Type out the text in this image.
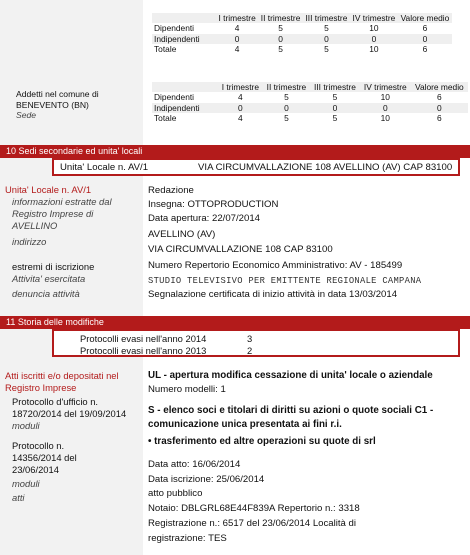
	I trimestre	II trimestre	III trimestre	IV trimestre	Valore medio
Dipendenti	4	5	5	10	6
Indipendenti	0	0	0	0	0
Totale	4	5	5	10	6
Addetti nel comune di BENEVENTO (BN)
Sede
	I trimestre	II trimestre	III trimestre	IV trimestre	Valore medio
Dipendenti	4	5	5	10	6
Indipendenti	0	0	0	0	0
Totale	4	5	5	10	6
10 Sedi secondarie ed unita' locali
Unita' Locale n. AV/1	VIA CIRCUMVALLAZIONE 108 AVELLINO (AV) CAP 83100
Unita' Locale n. AV/1
informazioni estratte dal Registro Imprese di AVELLINO
indirizzo
estremi di iscrizione
Attivita' esercitata
denuncia attività
Redazione
Insegna: OTTOPRODUCTION
Data apertura: 22/07/2014
AVELLINO (AV)
VIA CIRCUMVALLAZIONE 108 CAP 83100
Numero Repertorio Economico Amministrativo: AV - 185499
STUDIO TELEVISIVO PER EMITTENTE REGIONALE CAMPANA
Segnalazione certificata di inizio attività in data 13/03/2014
11 Storia delle modifiche
Protocolli evasi nell'anno 2014	3
Protocolli evasi nell'anno 2013	2
Atti iscritti e/o depositati nel Registro Imprese
Protocollo d'ufficio n.
18720/2014 del 19/09/2014
moduli
Protocollo n.
14356/2014 del 23/06/2014
moduli
atti
UL - apertura modifica cessazione di unita' locale o aziendale
Numero modelli: 1
S - elenco soci e titolari di diritti su azioni o quote sociali C1 -
comunicazione unica presentata ai fini r.i.
• trasferimento ed altre operazioni su quote di srl
Data atto: 16/06/2014
Data iscrizione: 25/06/2014
atto pubblico
Notaio: DBLGRL68E44F839A Repertorio n.: 3318
Registrazione n.: 6517 del 23/06/2014 Località di
registrazione: TES
